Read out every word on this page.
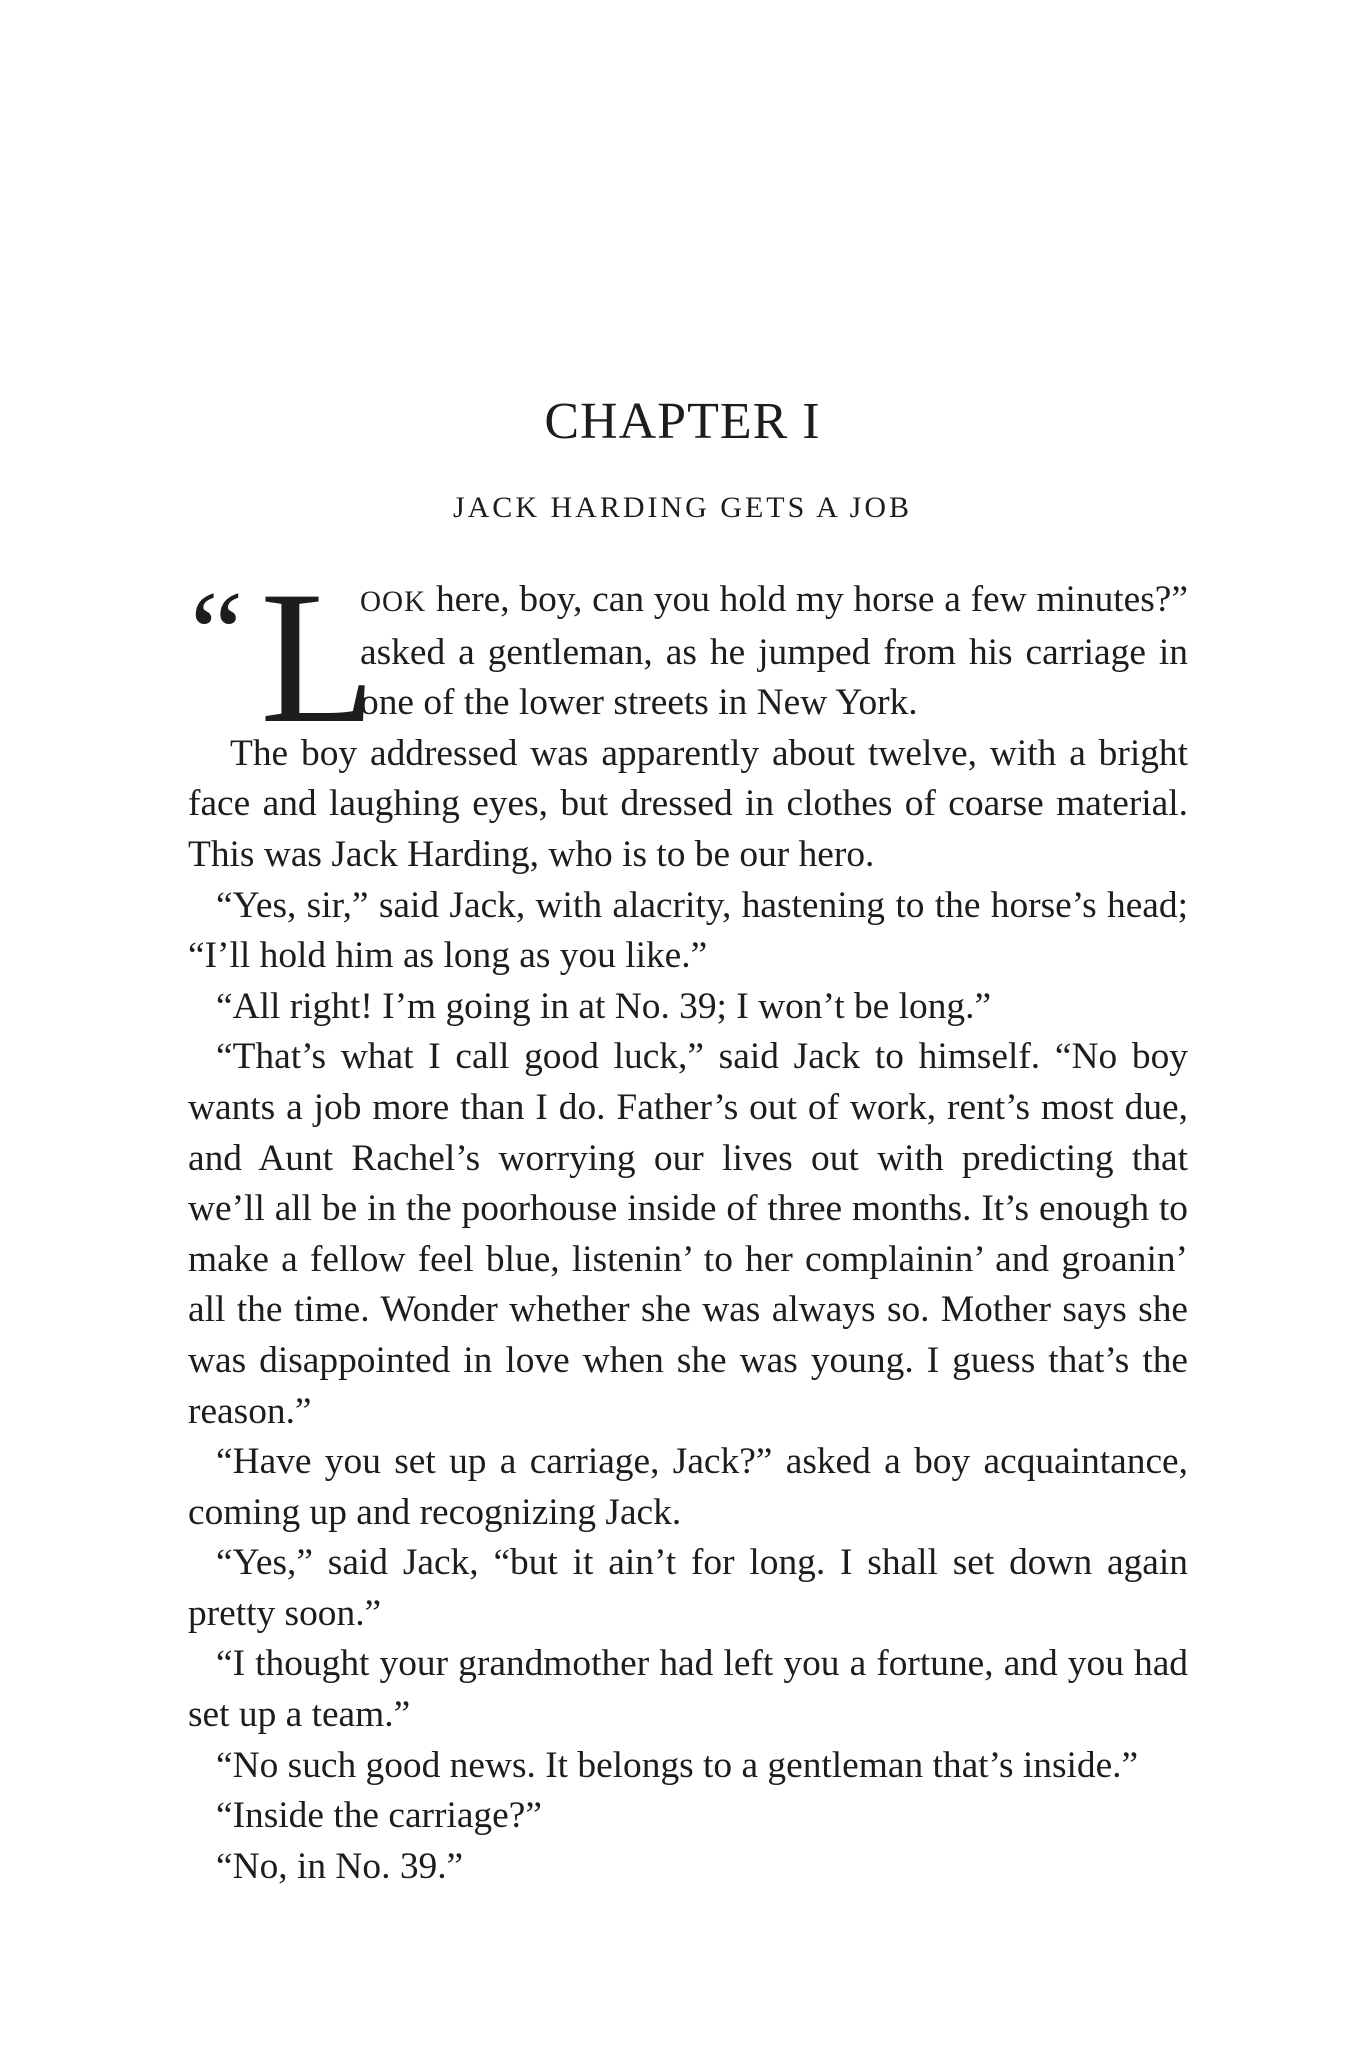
CHAPTER I
JACK HARDING GETS A JOB
“ L

OOK here, boy, can you hold my horse a few minutes?” asked a gentleman, as he jumped from his carriage in one of the lower streets in New York.

The boy addressed was apparently about twelve, with a bright face and laughing eyes, but dressed in clothes of coarse material. This was Jack Harding, who is to be our hero.

“Yes, sir,” said Jack, with alacrity, hastening to the horse’s head; “I’ll hold him as long as you like.”

“All right! I’m going in at No. 39; I won’t be long.”

“That’s what I call good luck,” said Jack to himself. “No boy wants a job more than I do. Father’s out of work, rent’s most due, and Aunt Rachel’s worrying our lives out with predicting that we’ll all be in the poorhouse inside of three months. It’s enough to make a fellow feel blue, listenin’ to her complainin’ and groanin’ all the time. Wonder whether she was always so. Mother says she was disappointed in love when she was young. I guess that’s the reason.”

“Have you set up a carriage, Jack?” asked a boy acquaintance, coming up and recognizing Jack.

“Yes,” said Jack, “but it ain’t for long. I shall set down again pretty soon.”

“I thought your grandmother had left you a fortune, and you had set up a team.”

“No such good news. It belongs to a gentleman that’s inside.”

“Inside the carriage?”

“No, in No. 39.”
